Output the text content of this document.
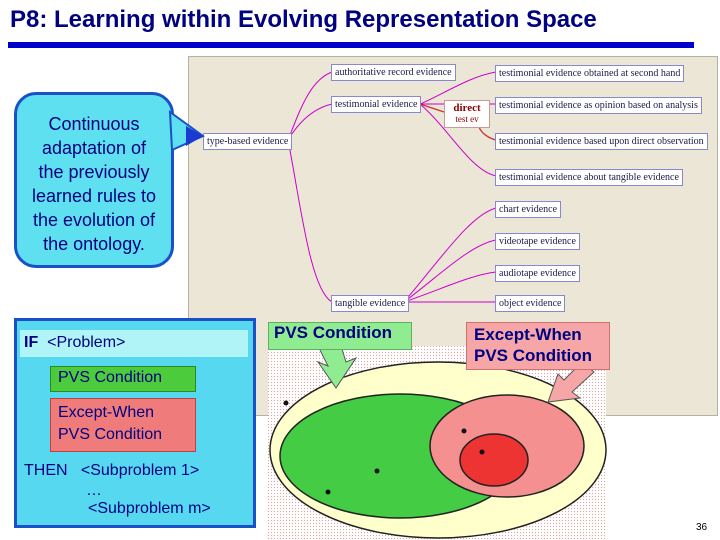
P8: Learning within Evolving Representation Space
authoritative record evidence
testimonial evidence
type-based evidence
tangible evidence
testimonial evidence obtained at second hand
testimonial evidence as opinion based on analysis
testimonial evidence based upon direct observation
testimonial evidence about tangible evidence
chart evidence
videotape evidence
audiotape evidence
object evidence
direct
test ev
Continuous
adaptation of
the previously
learned rules to
the evolution of
the ontology.
IF <Problem>
PVS Condition
Except-When
PVS Condition
THEN   <Subproblem 1>
…
<Subproblem m>
PVS Condition	Except-When
PVS Condition
36
